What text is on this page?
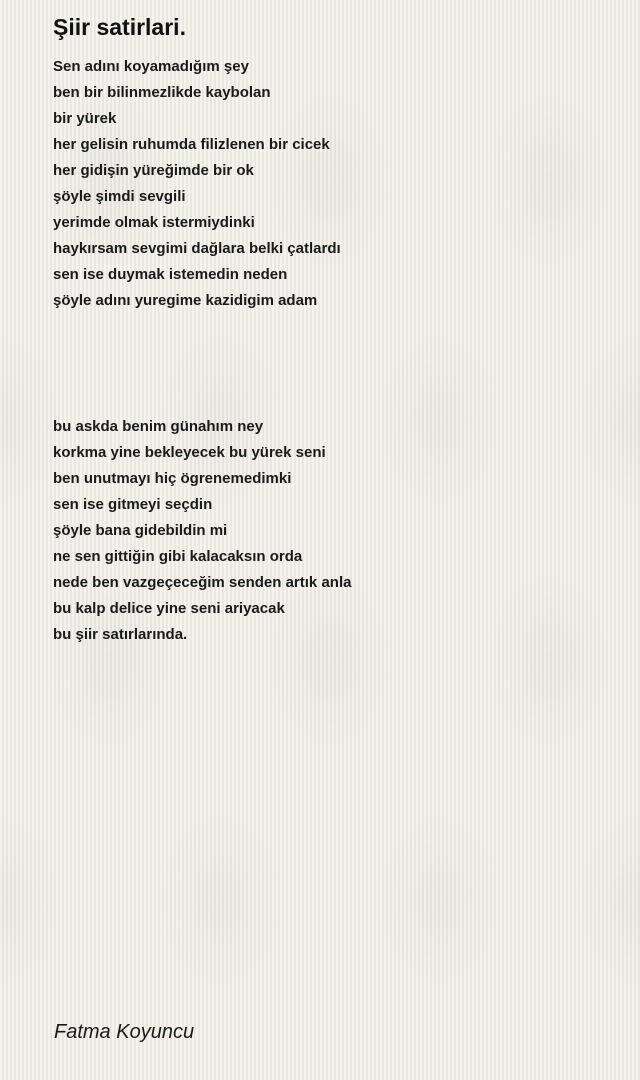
Şiir satirlari.
Sen adını koyamadığım şey
ben bir bilinmezlikde kaybolan
bir yürek
her gelisin ruhumda filizlenen bir cicek
her gidişin yüreğimde bir ok
şöyle şimdi sevgili
yerimde olmak istermiydinki
haykırsam sevgimi dağlara belki çatlardı
sen ise duymak istemedin neden
şöyle adını yuregime kazidigim adam
bu askda benim günahım ney
korkma yine bekleyecek bu yürek seni
ben unutmayı hiç ögrenemedimki
sen ise gitmeyi seçdin
şöyle bana gidebildin mi
ne sen gittiğin gibi kalacaksın orda
nede ben vazgeçeceğim senden artık anla
bu kalp delice yine seni ariyacak
bu şiir satırlarında.

Fatma Koyuncu
